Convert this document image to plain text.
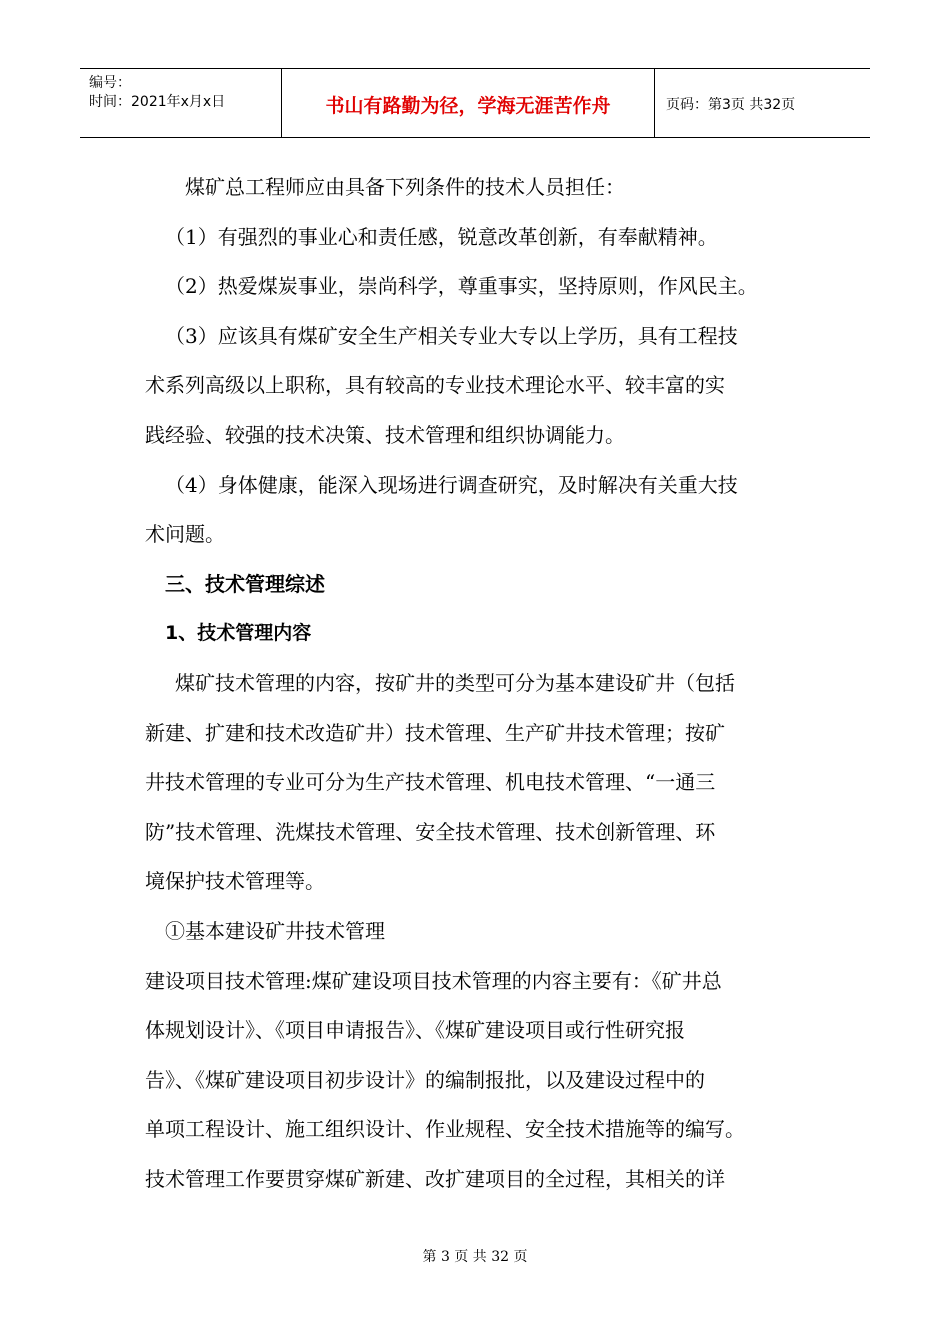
编号：
时间：2021年x月x日	书山有路勤为径，学海无涯苦作舟	页码：第3页 共32页

煤矿总工程师应由具备下列条件的技术人员担任：

（1）有强烈的事业心和责任感，锐意改革创新，有奉献精神。

（2）热爱煤炭事业，崇尚科学，尊重事实，坚持原则，作风民主。

（3）应该具有煤矿安全生产相关专业大专以上学历，具有工程技

术系列高级以上职称，具有较高的专业技术理论水平、较丰富的实

践经验、较强的技术决策、技术管理和组织协调能力。

（4）身体健康，能深入现场进行调查研究，及时解决有关重大技

术问题。

三、技术管理综述

1、技术管理内容

煤矿技术管理的内容，按矿井的类型可分为基本建设矿井（包括

新建、扩建和技术改造矿井）技术管理、生产矿井技术管理；按矿

井技术管理的专业可分为生产技术管理、机电技术管理、“一通三

防”技术管理、洗煤技术管理、安全技术管理、技术创新管理、环

境保护技术管理等。

①基本建设矿井技术管理

建设项目技术管理:煤矿建设项目技术管理的内容主要有：《矿井总

体规划设计》、《项目申请报告》、《煤矿建设项目或行性研究报

告》、《煤矿建设项目初步设计》的编制报批，以及建设过程中的

单项工程设计、施工组织设计、作业规程、安全技术措施等的编写。

技术管理工作要贯穿煤矿新建、改扩建项目的全过程，其相关的详

第 3 页 共 32 页
